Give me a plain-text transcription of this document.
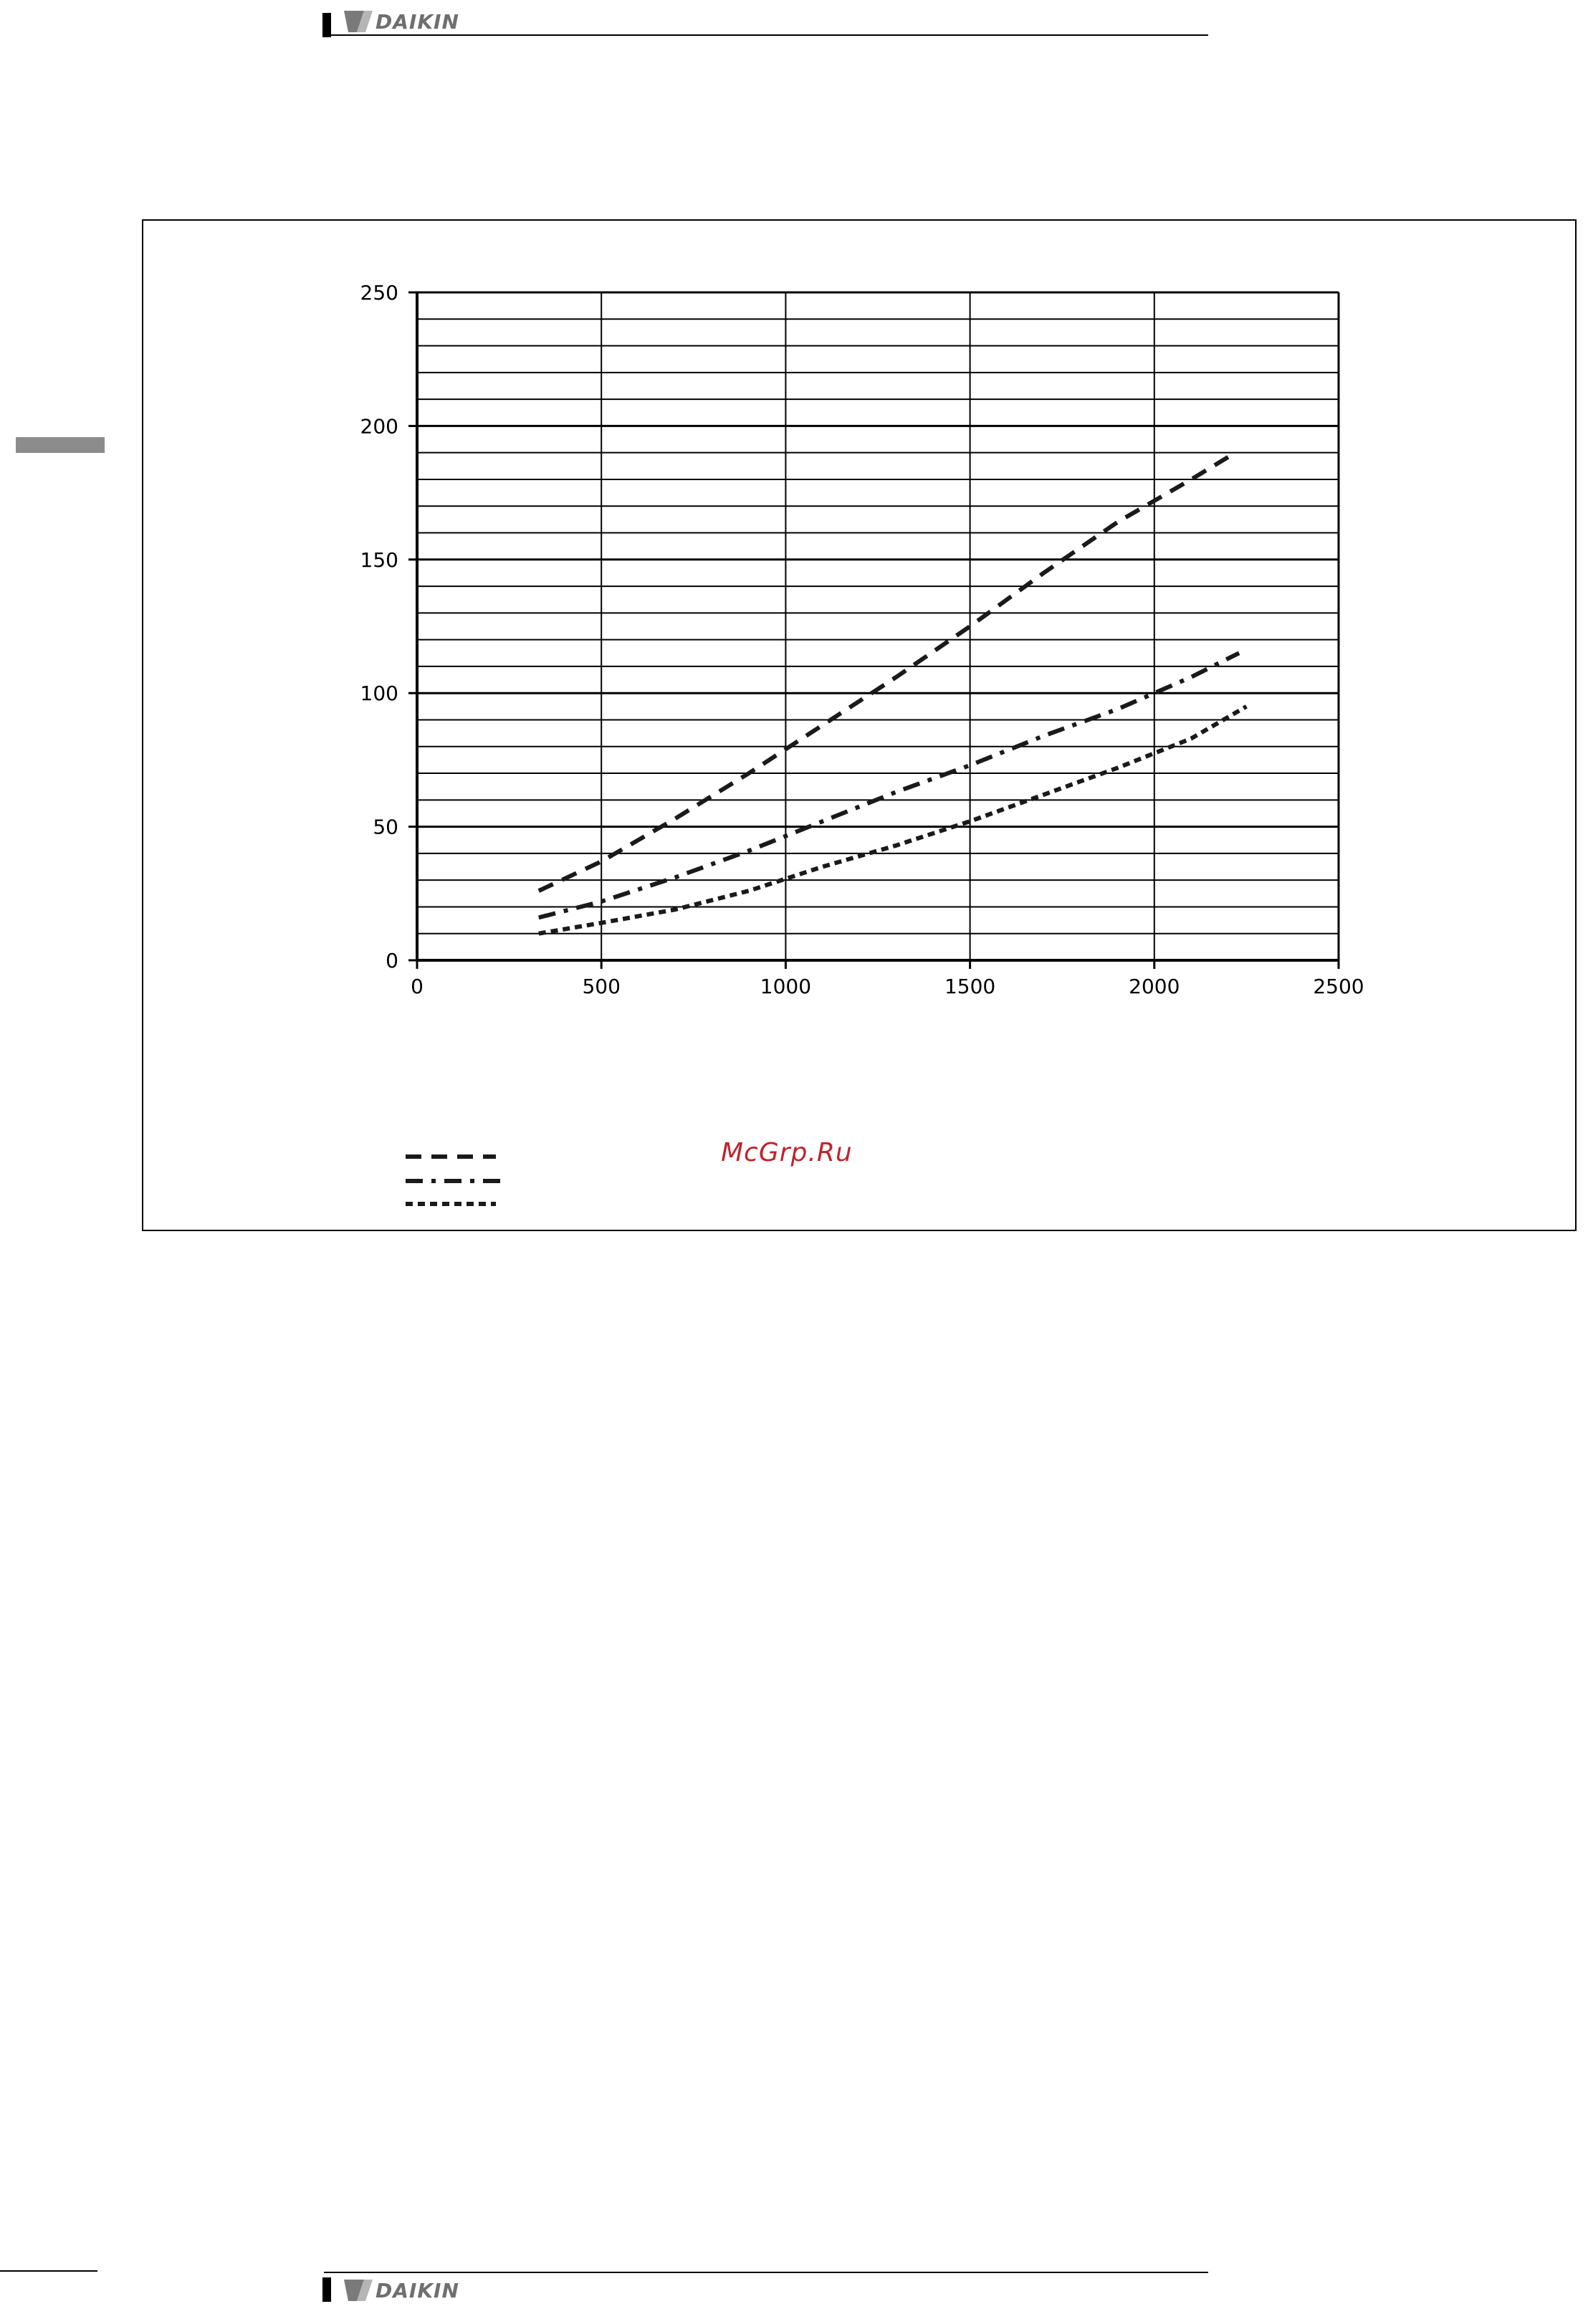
DAIKIN
0
50
100
150
200
250
0	500	1000	1500	2000	2500
McGrp.Ru
DAIKIN
